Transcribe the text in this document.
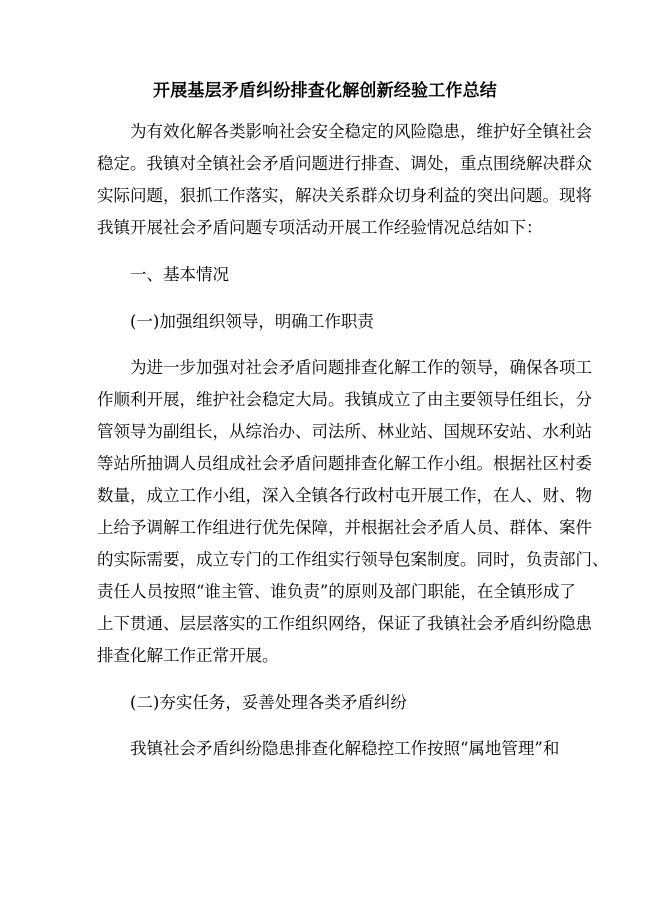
开展基层矛盾纠纷排查化解创新经验工作总结

为有效化解各类影响社会安全稳定的风险隐患，维护好全镇社会

稳定。我镇对全镇社会矛盾问题进行排查、调处，重点围绕解决群众

实际问题，狠抓工作落实，解决关系群众切身利益的突出问题。现将

我镇开展社会矛盾问题专项活动开展工作经验情况总结如下：

一、基本情况

(一)加强组织领导，明确工作职责

为进一步加强对社会矛盾问题排查化解工作的领导，确保各项工

作顺利开展，维护社会稳定大局。我镇成立了由主要领导任组长，分

管领导为副组长，从综治办、司法所、林业站、国规环安站、水利站

等站所抽调人员组成社会矛盾问题排查化解工作小组。根据社区村委

数量，成立工作小组，深入全镇各行政村屯开展工作，在人、财、物

上给予调解工作组进行优先保障，并根据社会矛盾人员、群体、案件

的实际需要，成立专门的工作组实行领导包案制度。同时，负责部门、

责任人员按照“谁主管、谁负责”的原则及部门职能，在全镇形成了

上下贯通、层层落实的工作组织网络，保证了我镇社会矛盾纠纷隐患

排查化解工作正常开展。

(二)夯实任务，妥善处理各类矛盾纠纷

我镇社会矛盾纠纷隐患排查化解稳控工作按照“属地管理”和
